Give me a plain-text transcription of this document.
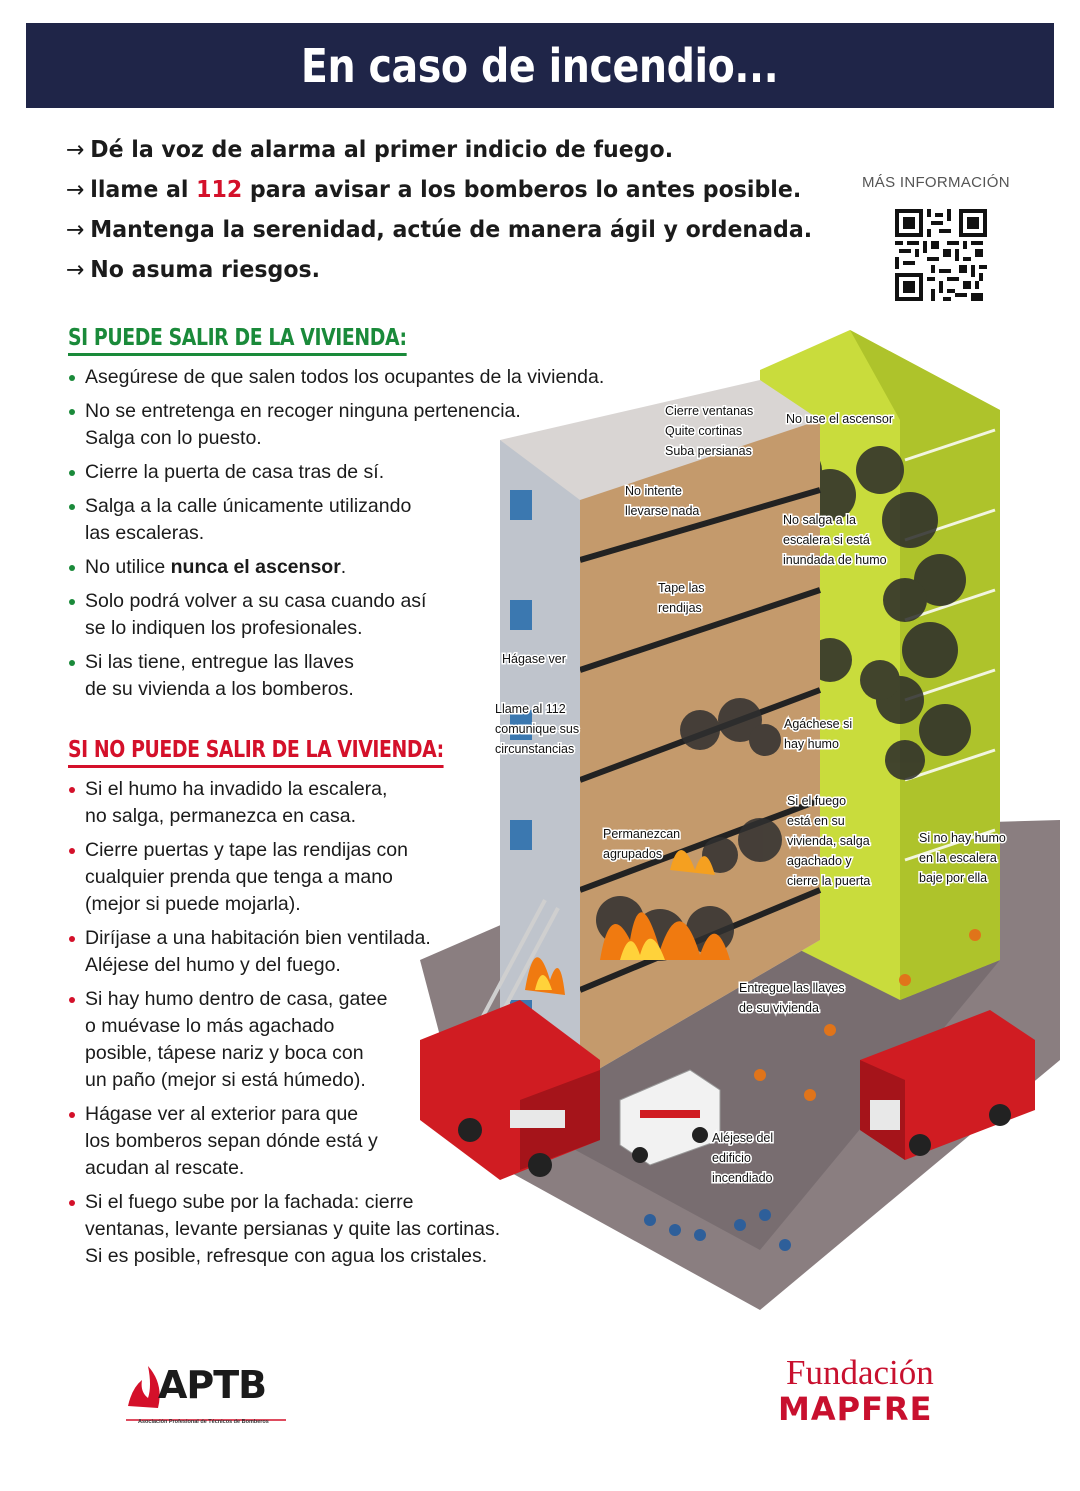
En caso de incendio...
→ Dé la voz de alarma al primer indicio de fuego.
→ llame al 112 para avisar a los bomberos lo antes posible.
→ Mantenga la serenidad, actúe de manera ágil y ordenada.
→ No asuma riesgos.
MÁS INFORMACIÓN
SI PUEDE SALIR DE LA VIVIENDA:
Asegúrese de que salen todos los ocupantes de la vivienda.
No se entretenga en recoger ninguna pertenencia.
Salga con lo puesto.
Cierre la puerta de casa tras de sí.
Salga a la calle únicamente utilizando
las escaleras.
No utilice nunca el ascensor.
Solo podrá volver a su casa cuando así
se lo indiquen los profesionales.
Si las tiene, entregue las llaves
de su vivienda a los bomberos.
SI NO PUEDE SALIR DE LA VIVIENDA:
Si el humo ha invadido la escalera,
no salga, permanezca en casa.
Cierre puertas y tape las rendijas con
cualquier prenda que tenga a mano
(mejor si puede mojarla).
Diríjase a una habitación bien ventilada.
Aléjese del humo y del fuego.
Si hay humo dentro de casa, gatee
o muévase lo más agachado
posible, tápese nariz y boca con
un paño (mejor si está húmedo).
Hágase ver al exterior para que
los bomberos sepan dónde está y
acudan al rescate.
Si el fuego sube por la fachada: cierre
ventanas, levante persianas y quite las cortinas.
Si es posible, refresque con agua los cristales.
Cierre ventanas Quite cortinas Suba persianas
No use el ascensor
No intente llevarse nada
No salga a la escalera si está inundada de humo
Tape las rendijas
Hágase ver
Llame al 112 comunique sus circunstancias
Agáchese si hay humo
Si el fuego está en su vivienda, salga agachado y cierre la puerta
Permanezcan agrupados
Si no hay humo en la escalera baje por ella
Entregue las llaves de su vivienda
Aléjese del edificio incendiado
APTB
Asociación Profesional de Técnicos de Bomberos
Fundación
MAPFRE
